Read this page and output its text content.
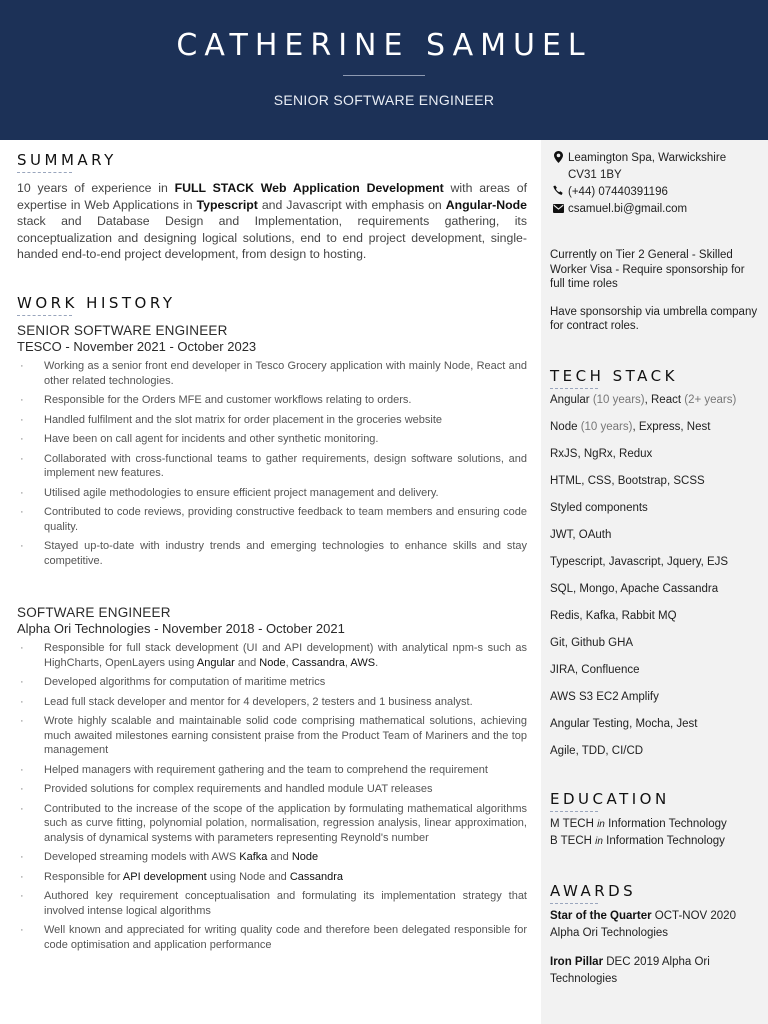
CATHERINE SAMUEL
SENIOR SOFTWARE ENGINEER
Leamington Spa, Warwickshire
CV31 1BY
(+44) 07440391196
csamuel.bi@gmail.com
Currently on Tier 2 General - Skilled Worker Visa - Require sponsorship for full time roles
Have sponsorship via umbrella company for contract roles.
TECH STACK
Angular (10 years), React (2+ years)
Node (10 years), Express, Nest
RxJS, NgRx, Redux
HTML, CSS, Bootstrap, SCSS
Styled components
JWT, OAuth
Typescript, Javascript, Jquery, EJS
SQL, Mongo, Apache Cassandra
Redis, Kafka, Rabbit MQ
Git, Github GHA
JIRA, Confluence
AWS S3 EC2 Amplify
Angular Testing, Mocha, Jest
Agile, TDD, CI/CD
EDUCATION
M TECH in Information Technology
B TECH in Information Technology
AWARDS
Star of the Quarter OCT-NOV 2020 Alpha Ori Technologies
Iron Pillar DEC 2019 Alpha Ori Technologies
SUMMARY
10 years of experience in FULL STACK Web Application Development with areas of expertise in Web Applications in Typescript and Javascript with emphasis on Angular-Node stack and Database Design and Implementation, requirements gathering, its conceptualization and designing logical solutions, end to end project development, single-handed end-to-end project development, from design to hosting.
WORK HISTORY
SENIOR SOFTWARE ENGINEER
TESCO - November 2021 - October 2023
· Working as a senior front end developer in Tesco Grocery application with mainly Node, React and other related technologies.
· Responsible for the Orders MFE and customer workflows relating to orders.
· Handled fulfilment and the slot matrix for order placement in the groceries website
· Have been on call agent for incidents and other synthetic monitoring.
· Collaborated with cross-functional teams to gather requirements, design software solutions, and implement new features.
· Utilised agile methodologies to ensure efficient project management and delivery.
· Contributed to code reviews, providing constructive feedback to team members and ensuring code quality.
· Stayed up-to-date with industry trends and emerging technologies to enhance skills and stay competitive.
SOFTWARE ENGINEER
Alpha Ori Technologies - November 2018 - October 2021
· Responsible for full stack development (UI and API development) with analytical npm-s such as HighCharts, OpenLayers using Angular and Node, Cassandra, AWS.
· Developed algorithms for computation of maritime metrics
· Lead full stack developer and mentor for 4 developers, 2 testers and 1 business analyst.
· Wrote highly scalable and maintainable solid code comprising mathematical solutions, achieving much awaited milestones earning consistent praise from the Product Team of Mariners and the top management
· Helped managers with requirement gathering and the team to comprehend the requirement
· Provided solutions for complex requirements and handled module UAT releases
· Contributed to the increase of the scope of the application by formulating mathematical algorithms such as curve fitting, polynomial polation, normalisation, regression analysis, linear approximation, analysis of dynamical systems with parameters representing Reynold's number
· Developed streaming models with AWS Kafka and Node
· Responsible for API development using Node and Cassandra
· Authored key requirement conceptualisation and formulating its implementation strategy that involved intense logical algorithms
· Well known and appreciated for writing quality code and therefore been delegated responsible for code optimisation and application performance
